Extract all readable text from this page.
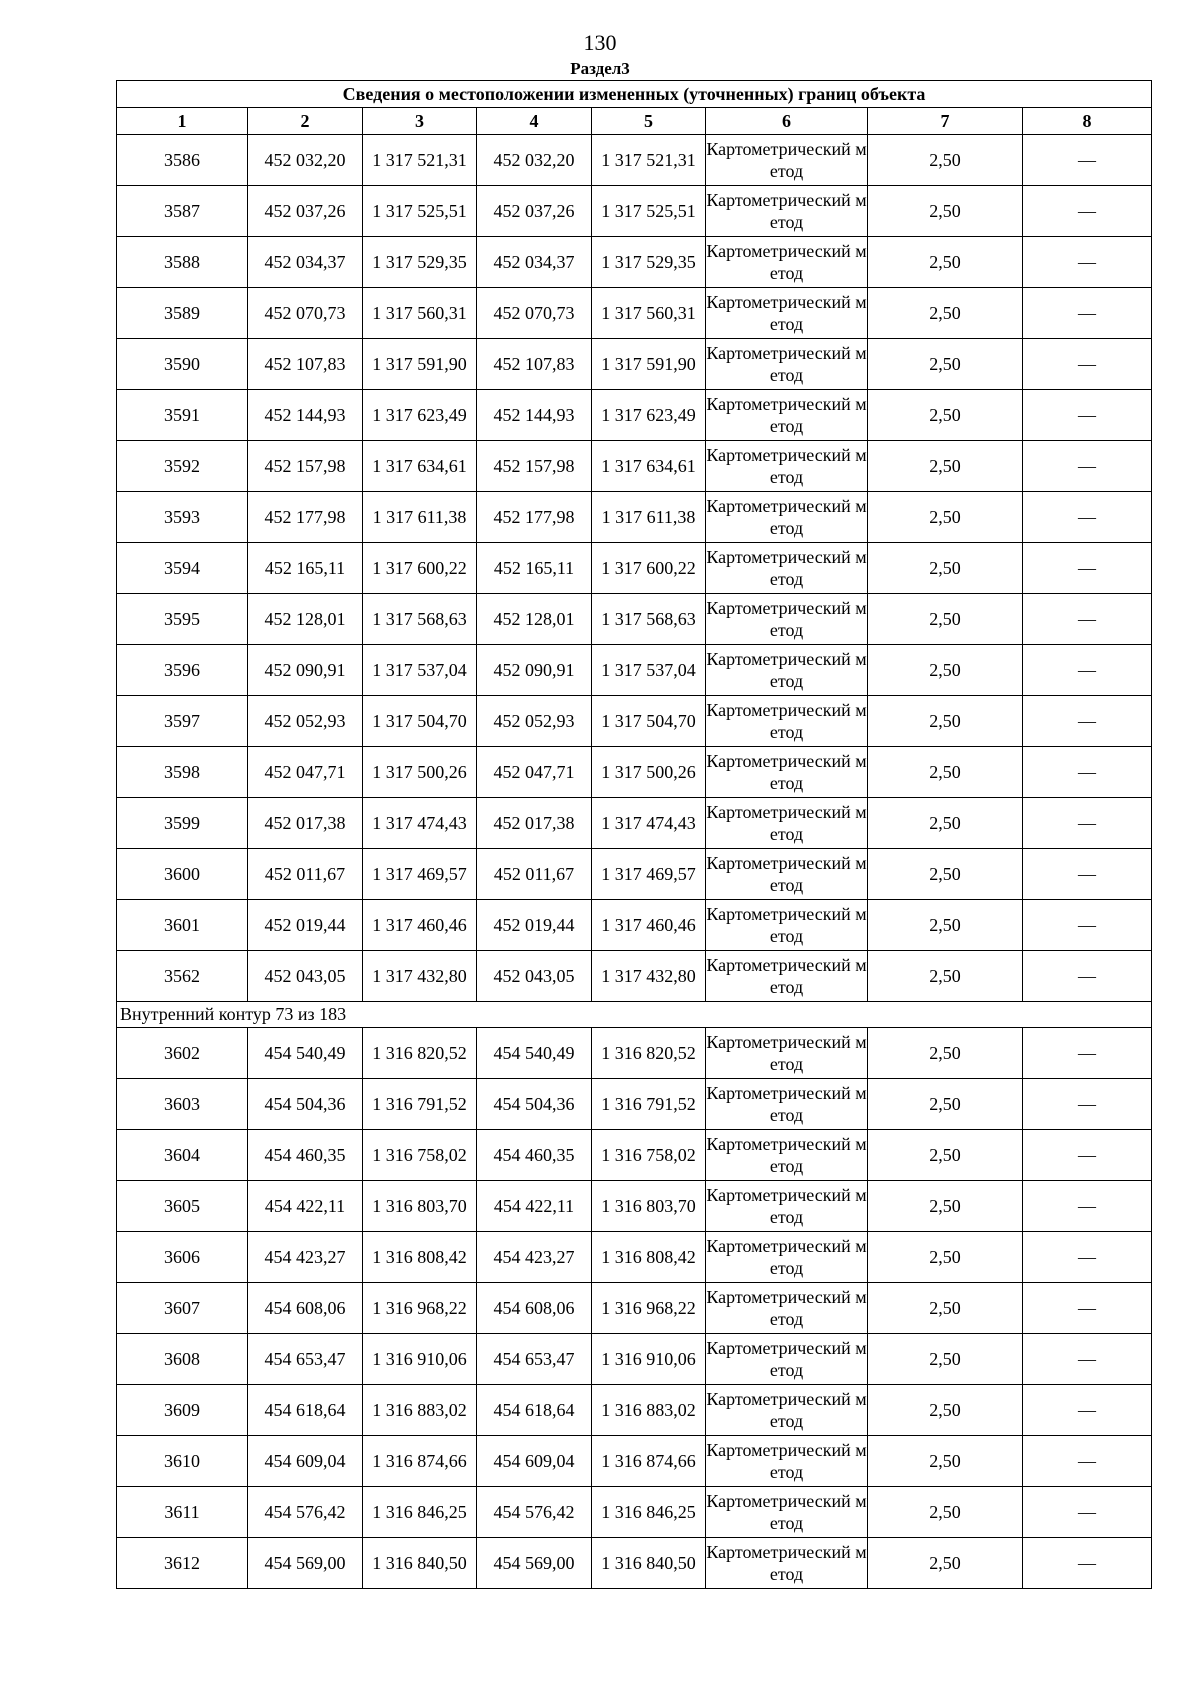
130
Раздел3
Сведения о местоположении измененных (уточненных) границ объекта							
1	2	3	4	5	6	7	8
3586	452 032,20	1 317 521,31	452 032,20	1 317 521,31	Картометрический метод	2,50	—
3587	452 037,26	1 317 525,51	452 037,26	1 317 525,51	Картометрический метод	2,50	—
3588	452 034,37	1 317 529,35	452 034,37	1 317 529,35	Картометрический метод	2,50	—
3589	452 070,73	1 317 560,31	452 070,73	1 317 560,31	Картометрический метод	2,50	—
3590	452 107,83	1 317 591,90	452 107,83	1 317 591,90	Картометрический метод	2,50	—
3591	452 144,93	1 317 623,49	452 144,93	1 317 623,49	Картометрический метод	2,50	—
3592	452 157,98	1 317 634,61	452 157,98	1 317 634,61	Картометрический метод	2,50	—
3593	452 177,98	1 317 611,38	452 177,98	1 317 611,38	Картометрический метод	2,50	—
3594	452 165,11	1 317 600,22	452 165,11	1 317 600,22	Картометрический метод	2,50	—
3595	452 128,01	1 317 568,63	452 128,01	1 317 568,63	Картометрический метод	2,50	—
3596	452 090,91	1 317 537,04	452 090,91	1 317 537,04	Картометрический метод	2,50	—
3597	452 052,93	1 317 504,70	452 052,93	1 317 504,70	Картометрический метод	2,50	—
3598	452 047,71	1 317 500,26	452 047,71	1 317 500,26	Картометрический метод	2,50	—
3599	452 017,38	1 317 474,43	452 017,38	1 317 474,43	Картометрический метод	2,50	—
3600	452 011,67	1 317 469,57	452 011,67	1 317 469,57	Картометрический метод	2,50	—
3601	452 019,44	1 317 460,46	452 019,44	1 317 460,46	Картометрический метод	2,50	—
3562	452 043,05	1 317 432,80	452 043,05	1 317 432,80	Картометрический метод	2,50	—
Внутренний контур 73 из 183							
3602	454 540,49	1 316 820,52	454 540,49	1 316 820,52	Картометрический метод	2,50	—
3603	454 504,36	1 316 791,52	454 504,36	1 316 791,52	Картометрический метод	2,50	—
3604	454 460,35	1 316 758,02	454 460,35	1 316 758,02	Картометрический метод	2,50	—
3605	454 422,11	1 316 803,70	454 422,11	1 316 803,70	Картометрический метод	2,50	—
3606	454 423,27	1 316 808,42	454 423,27	1 316 808,42	Картометрический метод	2,50	—
3607	454 608,06	1 316 968,22	454 608,06	1 316 968,22	Картометрический метод	2,50	—
3608	454 653,47	1 316 910,06	454 653,47	1 316 910,06	Картометрический метод	2,50	—
3609	454 618,64	1 316 883,02	454 618,64	1 316 883,02	Картометрический метод	2,50	—
3610	454 609,04	1 316 874,66	454 609,04	1 316 874,66	Картометрический метод	2,50	—
3611	454 576,42	1 316 846,25	454 576,42	1 316 846,25	Картометрический метод	2,50	—
3612	454 569,00	1 316 840,50	454 569,00	1 316 840,50	Картометрический метод	2,50	—
